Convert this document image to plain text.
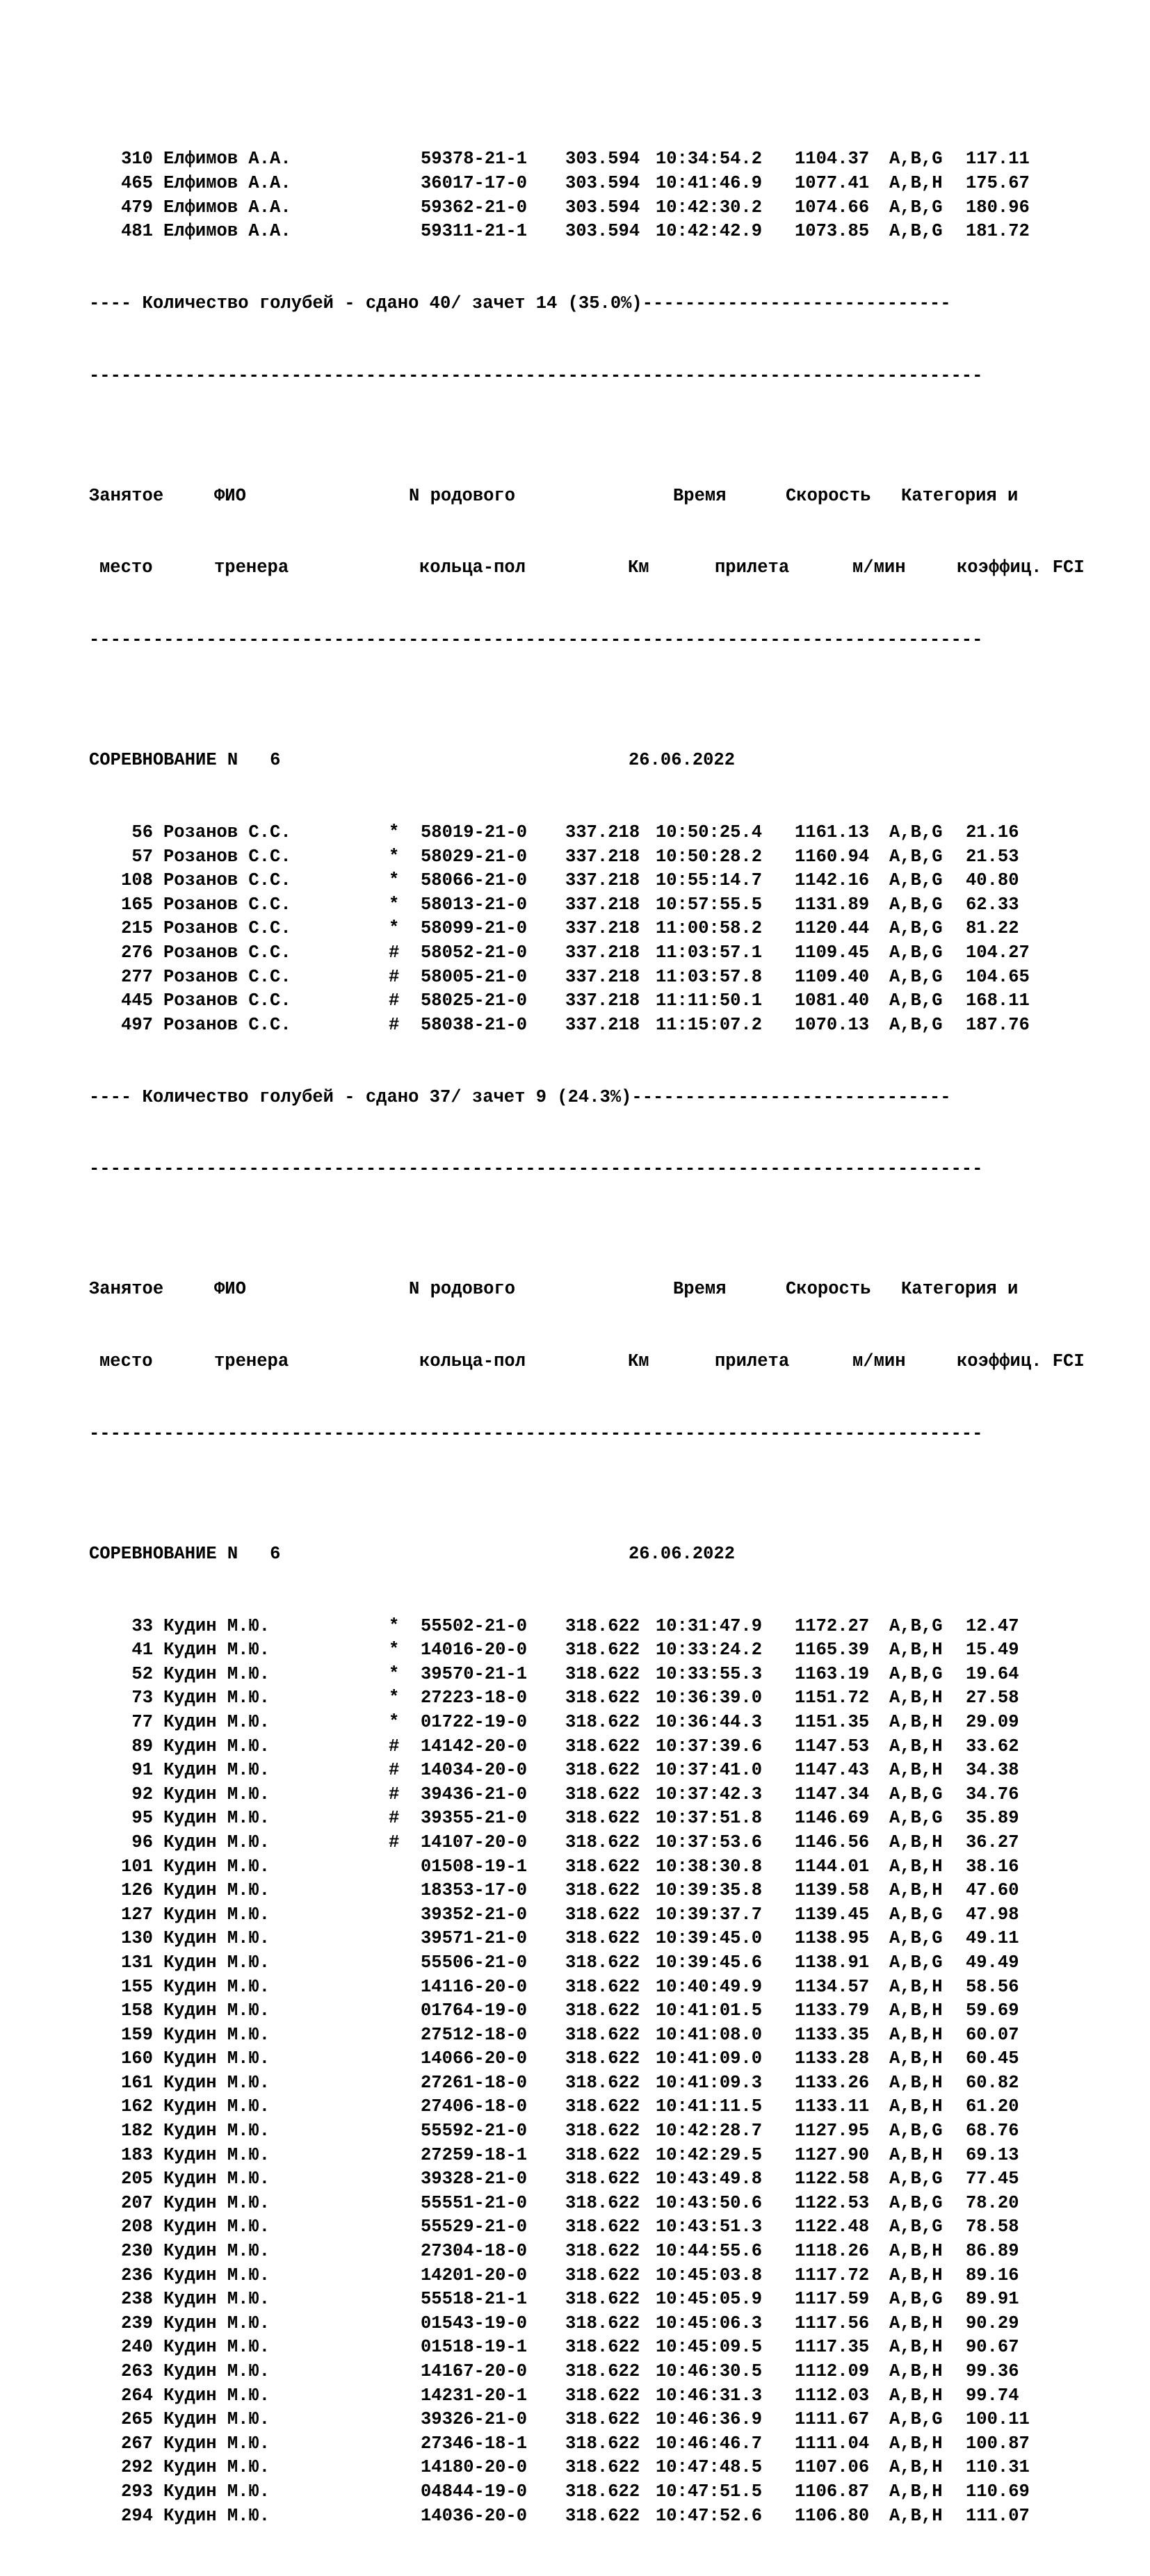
310 Елфимов А.А.	59378-21-1 303.594 10:34:54.2 1104.37 A,B,G 117.11
465 Елфимов А.А.	36017-17-0 303.594 10:41:46.9 1077.41 A,B,H 175.67
479 Елфимов А.А.	59362-21-0 303.594 10:42:30.2 1074.66 A,B,G 180.96
481 Елфимов А.А.	59311-21-1 303.594 10:42:42.9 1073.85 A,B,G 181.72

---- Количество голубей - сдано 40/ зачет 14 (35.0%)-----------------------------

------------------------------------------------------------------------------------

Занятое	ФИО	N родового	Время	Скорость Категория и

место	тренера	кольца-пол	Км	прилета	м/мин	коэффиц. FCI

------------------------------------------------------------------------------------

СОРЕВНОВАНИЕ N   6	26.06.2022

56 Розанов С.С.	* 58019-21-0 337.218 10:50:25.4 1161.13 A,B,G 21.16
57 Розанов С.С.	* 58029-21-0 337.218 10:50:28.2 1160.94 A,B,G 21.53
108 Розанов С.С.	* 58066-21-0 337.218 10:55:14.7 1142.16 A,B,G 40.80
165 Розанов С.С.	* 58013-21-0 337.218 10:57:55.5 1131.89 A,B,G 62.33
215 Розанов С.С.	* 58099-21-0 337.218 11:00:58.2 1120.44 A,B,G 81.22
276 Розанов С.С.	# 58052-21-0 337.218 11:03:57.1 1109.45 A,B,G 104.27
277 Розанов С.С.	# 58005-21-0 337.218 11:03:57.8 1109.40 A,B,G 104.65
445 Розанов С.С.	# 58025-21-0 337.218 11:11:50.1 1081.40 A,B,G 168.11
497 Розанов С.С.	# 58038-21-0 337.218 11:15:07.2 1070.13 A,B,G 187.76

---- Количество голубей - сдано 37/ зачет 9 (24.3%)------------------------------

------------------------------------------------------------------------------------

Занятое	ФИО	N родового	Время	Скорость Категория и

место	тренера	кольца-пол	Км	прилета	м/мин	коэффиц. FCI

------------------------------------------------------------------------------------

СОРЕВНОВАНИЕ N   6	26.06.2022

33 Кудин М.Ю.	* 55502-21-0 318.622 10:31:47.9 1172.27 A,B,G 12.47
41 Кудин М.Ю.	* 14016-20-0 318.622 10:33:24.2 1165.39 A,B,H 15.49
52 Кудин М.Ю.	* 39570-21-1 318.622 10:33:55.3 1163.19 A,B,G 19.64
73 Кудин М.Ю.	* 27223-18-0 318.622 10:36:39.0 1151.72 A,B,H 27.58
77 Кудин М.Ю.	* 01722-19-0 318.622 10:36:44.3 1151.35 A,B,H 29.09
89 Кудин М.Ю.	# 14142-20-0 318.622 10:37:39.6 1147.53 A,B,H 33.62
91 Кудин М.Ю.	# 14034-20-0 318.622 10:37:41.0 1147.43 A,B,H 34.38
92 Кудин М.Ю.	# 39436-21-0 318.622 10:37:42.3 1147.34 A,B,G 34.76
95 Кудин М.Ю.	# 39355-21-0 318.622 10:37:51.8 1146.69 A,B,G 35.89
96 Кудин М.Ю.	# 14107-20-0 318.622 10:37:53.6 1146.56 A,B,H 36.27
101 Кудин М.Ю.	01508-19-1 318.622 10:38:30.8 1144.01 A,B,H 38.16
126 Кудин М.Ю.	18353-17-0 318.622 10:39:35.8 1139.58 A,B,H 47.60
127 Кудин М.Ю.	39352-21-0 318.622 10:39:37.7 1139.45 A,B,G 47.98
130 Кудин М.Ю.	39571-21-0 318.622 10:39:45.0 1138.95 A,B,G 49.11
131 Кудин М.Ю.	55506-21-0 318.622 10:39:45.6 1138.91 A,B,G 49.49
155 Кудин М.Ю.	14116-20-0 318.622 10:40:49.9 1134.57 A,B,H 58.56
158 Кудин М.Ю.	01764-19-0 318.622 10:41:01.5 1133.79 A,B,H 59.69
159 Кудин М.Ю.	27512-18-0 318.622 10:41:08.0 1133.35 A,B,H 60.07
160 Кудин М.Ю.	14066-20-0 318.622 10:41:09.0 1133.28 A,B,H 60.45
161 Кудин М.Ю.	27261-18-0 318.622 10:41:09.3 1133.26 A,B,H 60.82
162 Кудин М.Ю.	27406-18-0 318.622 10:41:11.5 1133.11 A,B,H 61.20
182 Кудин М.Ю.	55592-21-0 318.622 10:42:28.7 1127.95 A,B,G 68.76
183 Кудин М.Ю.	27259-18-1 318.622 10:42:29.5 1127.90 A,B,H 69.13
205 Кудин М.Ю.	39328-21-0 318.622 10:43:49.8 1122.58 A,B,G 77.45
207 Кудин М.Ю.	55551-21-0 318.622 10:43:50.6 1122.53 A,B,G 78.20
208 Кудин М.Ю.	55529-21-0 318.622 10:43:51.3 1122.48 A,B,G 78.58
230 Кудин М.Ю.	27304-18-0 318.622 10:44:55.6 1118.26 A,B,H 86.89
236 Кудин М.Ю.	14201-20-0 318.622 10:45:03.8 1117.72 A,B,H 89.16
238 Кудин М.Ю.	55518-21-1 318.622 10:45:05.9 1117.59 A,B,G 89.91
239 Кудин М.Ю.	01543-19-0 318.622 10:45:06.3 1117.56 A,B,H 90.29
240 Кудин М.Ю.	01518-19-1 318.622 10:45:09.5 1117.35 A,B,H 90.67
263 Кудин М.Ю.	14167-20-0 318.622 10:46:30.5 1112.09 A,B,H 99.36
264 Кудин М.Ю.	14231-20-1 318.622 10:46:31.3 1112.03 A,B,H 99.74
265 Кудин М.Ю.	39326-21-0 318.622 10:46:36.9 1111.67 A,B,G 100.11
267 Кудин М.Ю.	27346-18-1 318.622 10:46:46.7 1111.04 A,B,H 100.87
292 Кудин М.Ю.	14180-20-0 318.622 10:47:48.5 1107.06 A,B,H 110.31
293 Кудин М.Ю.	04844-19-0 318.622 10:47:51.5 1106.87 A,B,H 110.69
294 Кудин М.Ю.	14036-20-0 318.622 10:47:52.6 1106.80 A,B,H 111.07
